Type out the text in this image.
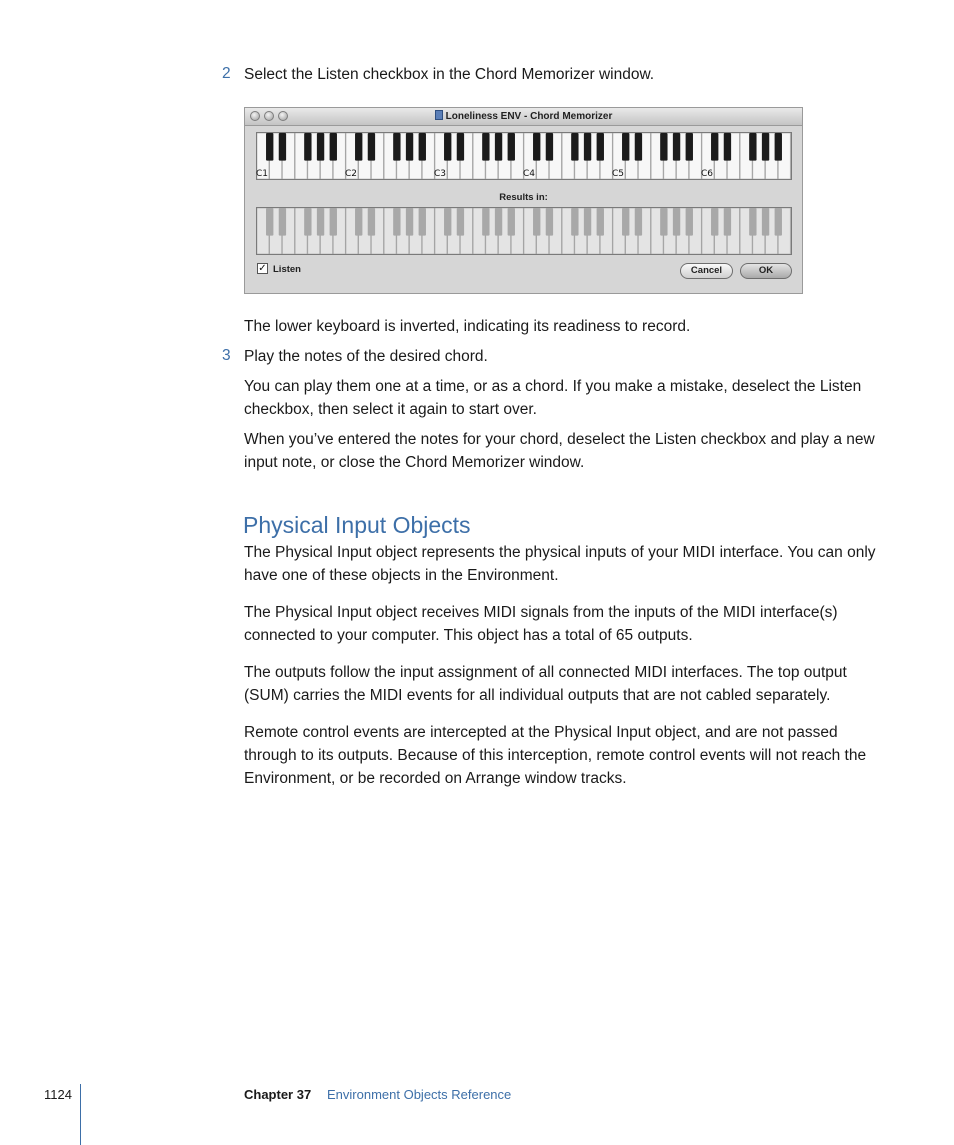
2 Select the Listen checkbox in the Chord Memorizer window.
Loneliness ENV - Chord Memorizer
C1	C2	C3	C4	C5	C6
Results in:
✓ Listen	Cancel	OK
The lower keyboard is inverted, indicating its readiness to record.
3 Play the notes of the desired chord.
You can play them one at a time, or as a chord. If you make a mistake, deselect the Listen checkbox, then select it again to start over.
When you’ve entered the notes for your chord, deselect the Listen checkbox and play a new input note, or close the Chord Memorizer window.
Physical Input Objects
The Physical Input object represents the physical inputs of your MIDI interface. You can only have one of these objects in the Environment.
The Physical Input object receives MIDI signals from the inputs of the MIDI interface(s) connected to your computer. This object has a total of 65 outputs.
The outputs follow the input assignment of all connected MIDI interfaces. The top output (SUM) carries the MIDI events for all individual outputs that are not cabled separately.
Remote control events are intercepted at the Physical Input object, and are not passed through to its outputs. Because of this interception, remote control events will not reach the Environment, or be recorded on Arrange window tracks.
1124	Chapter 37 Environment Objects Reference
